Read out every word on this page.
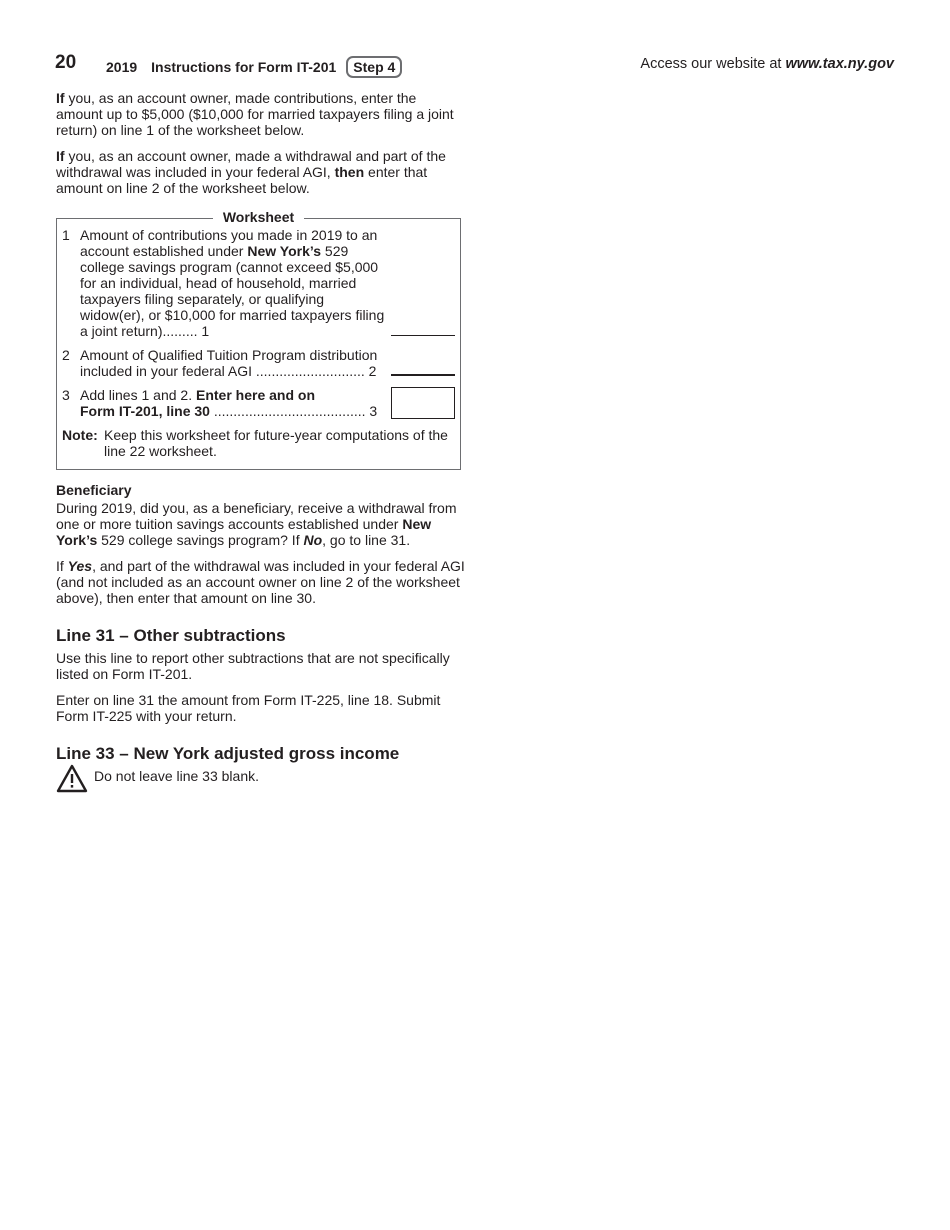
20 2019 Instructions for Form IT-201	Step 4	Access our website at www.tax.ny.gov

If you, as an account owner, made contributions, enter the amount up to $5,000 ($10,000 for married taxpayers filing a joint return) on line 1 of the worksheet below.

If you, as an account owner, made a withdrawal and part of the withdrawal was included in your federal AGI, then enter that amount on line 2 of the worksheet below.

Worksheet
1 Amount of contributions you made in 2019 to an account established under New York’s 529 college savings program (cannot exceed $5,000 for an individual, head of household, married taxpayers filing separately, or qualifying widow(er), or $10,000 for married taxpayers filing a joint return)......... 1
2 Amount of Qualified Tuition Program distribution included in your federal AGI ............................ 2
3 Add lines 1 and 2. Enter here and on
Form IT-201, line 30 ....................................... 3
Note: Keep this worksheet for future-year computations of the line 22 worksheet.
Beneficiary

During 2019, did you, as a beneficiary, receive a withdrawal from one or more tuition savings accounts established under New York’s 529 college savings program? If No, go to line 31.

If Yes, and part of the withdrawal was included in your federal AGI (and not included as an account owner on line 2 of the worksheet above), then enter that amount on line 30.

Line 31 – Other subtractions

Use this line to report other subtractions that are not specifically listed on Form IT-201.

Enter on line 31 the amount from Form IT-225, line 18. Submit Form IT-225 with your return.

Line 33 – New York adjusted gross income
Do not leave line 33 blank.
